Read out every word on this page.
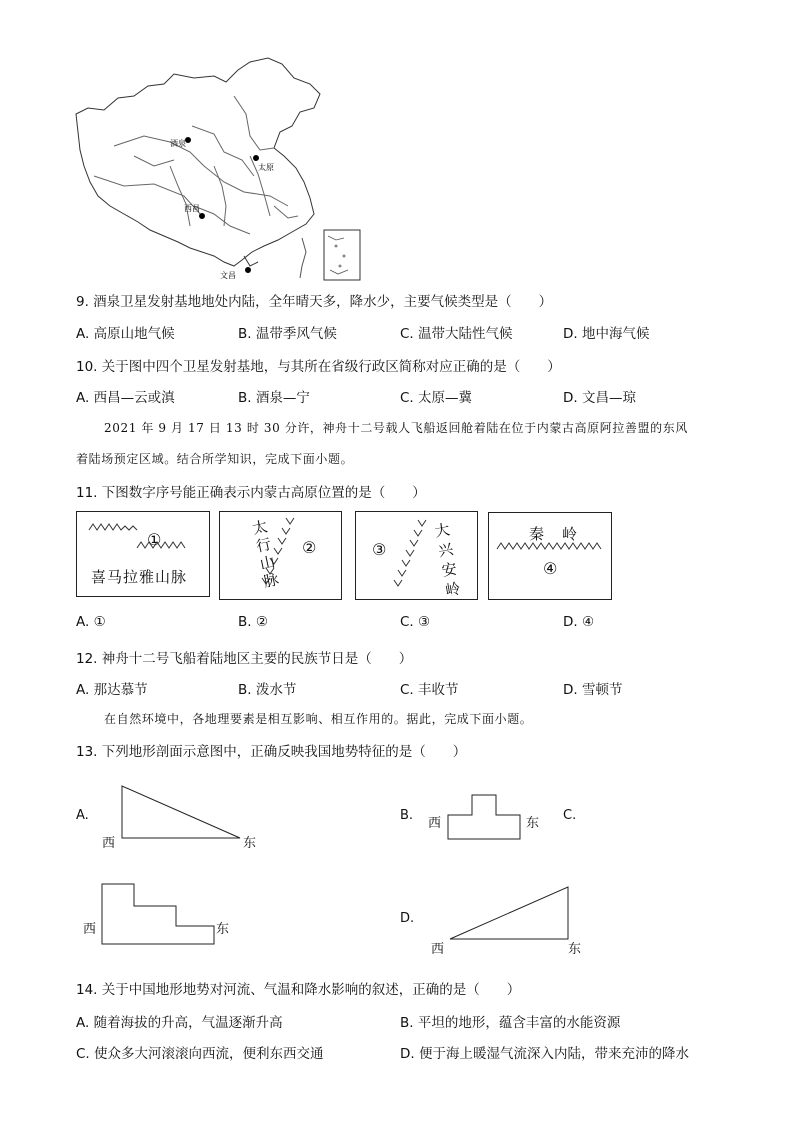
酒泉
太原
西昌
文昌
9. 酒泉卫星发射基地地处内陆，全年晴天多，降水少，主要气候类型是（　　）
A. 高原山地气候	B. 温带季风气候	C. 温带大陆性气候	D. 地中海气候
10. 关于图中四个卫星发射基地，与其所在省级行政区简称对应正确的是（　　）
A. 西昌—云或滇	B. 酒泉—宁	C. 太原—冀	D. 文昌—琼
2021 年 9 月 17 日 13 时 30 分许，神舟十二号载人飞船返回舱着陆在位于内蒙古高原阿拉善盟的东风
着陆场预定区域。结合所学知识，完成下面小题。
11. 下图数字序号能正确表示内蒙古高原位置的是（　　）
①
喜马拉雅山脉
太行山脉
②	③
大兴安岭
秦岭
④
A. ①	B. ②	C. ③	D. ④
12. 神舟十二号飞船着陆地区主要的民族节日是（　　）
A. 那达慕节	B. 泼水节	C. 丰收节	D. 雪顿节
在自然环境中，各地理要素是相互影响、相互作用的。据此，完成下面小题。
13. 下列地形剖面示意图中，正确反映我国地势特征的是（　　）
A.
西	东
B.
西	东
C.
西	东
D.
西	东
14. 关于中国地形地势对河流、气温和降水影响的叙述，正确的是（　　）
A. 随着海拔的升高，气温逐渐升高	B. 平坦的地形，蕴含丰富的水能资源
C. 使众多大河滚滚向西流，便利东西交通	D. 便于海上暖湿气流深入内陆，带来充沛的降水
